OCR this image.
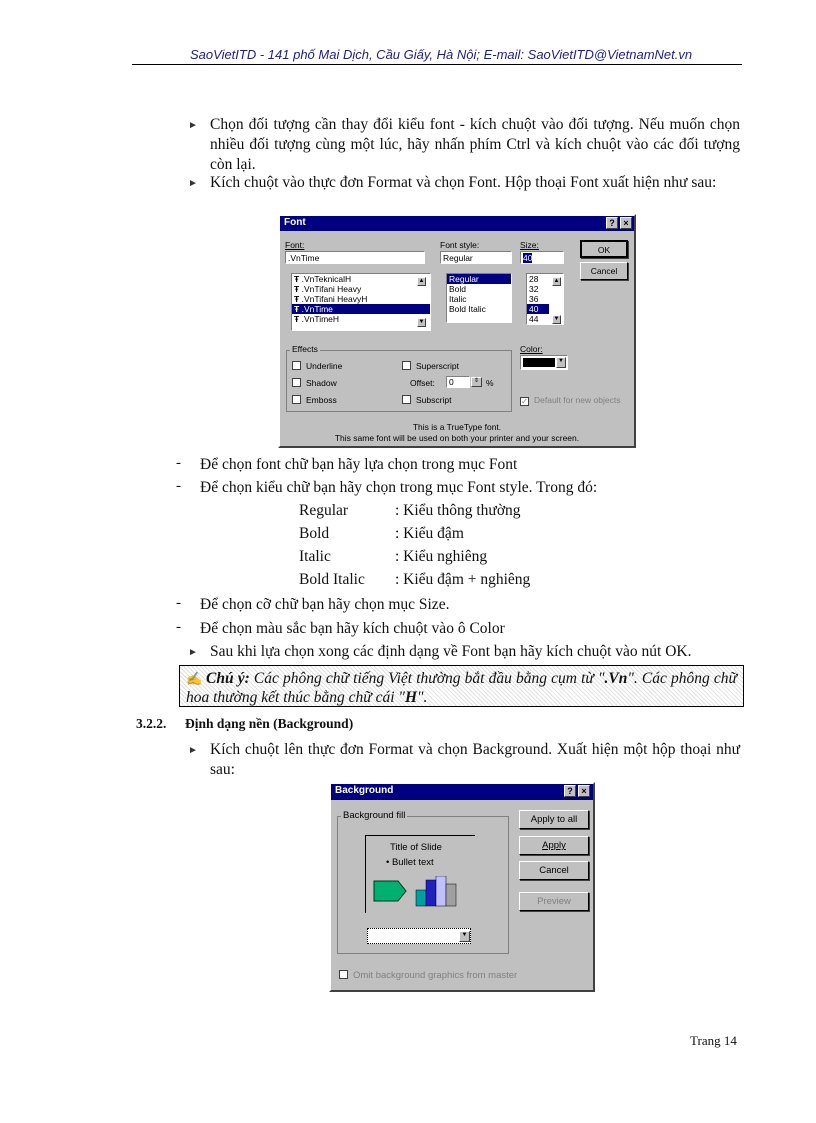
SaoVietITD - 141 phố Mai Dịch, Cầu Giấy, Hà Nội; E-mail: SaoVietITD@VietnamNet.vn
► Chọn đối tượng cần thay đổi kiểu font - kích chuột vào đối tượng. Nếu muốn chọn nhiều đối tượng cùng một lúc, hãy nhấn phím Ctrl và kích chuột vào các đối tượng còn lại.
► Kích chuột vào thực đơn Format và chọn Font. Hộp thoại Font xuất hiện như sau:
Font	? ×
Font:
.VnTime
Ŧ .VnTeknicalH
Ŧ .VnTifani Heavy
Ŧ .VnTifani HeavyH
Ŧ .VnTime
Ŧ .VnTimeH
▲
▼
Font style:
Regular
Regular
Bold
Italic
Bold Italic
Size:
40
28
32
36
40
44
▲
▼
OK
Cancel
Effects
Underline
Shadow
Emboss
Superscript
Offset:	0	⇕ %
Subscript
Color:
▼
✓ Default for new objects
This is a TrueType font.
This same font will be used on both your printer and your screen.
- Để chọn font chữ bạn hãy lựa chọn trong mục Font
- Để chọn kiểu chữ bạn hãy chọn trong mục Font style. Trong đó:
Regular	: Kiểu thông thường
Bold	: Kiểu đậm
Italic	: Kiểu nghiêng
Bold Italic : Kiểu đậm + nghiêng
- Để chọn cỡ chữ bạn hãy chọn mục Size.
- Để chọn màu sắc bạn hãy kích chuột vào ô Color
► Sau khi lựa chọn xong các định dạng về Font bạn hãy kích chuột vào nút OK.
✍ Chú ý: Các phông chữ tiếng Việt thường bắt đầu bằng cụm từ ".Vn". Các phông chữ hoa thường kết thúc bằng chữ cái "H".
3.2.2. Định dạng nền (Background)
► Kích chuột lên thực đơn Format và chọn Background. Xuất hiện một hộp thoại như sau:
Background	? ×
Background fill
Title of Slide
• Bullet text
▼
Apply to all
Apply
Cancel
Preview
Omit background graphics from master
Trang 14
